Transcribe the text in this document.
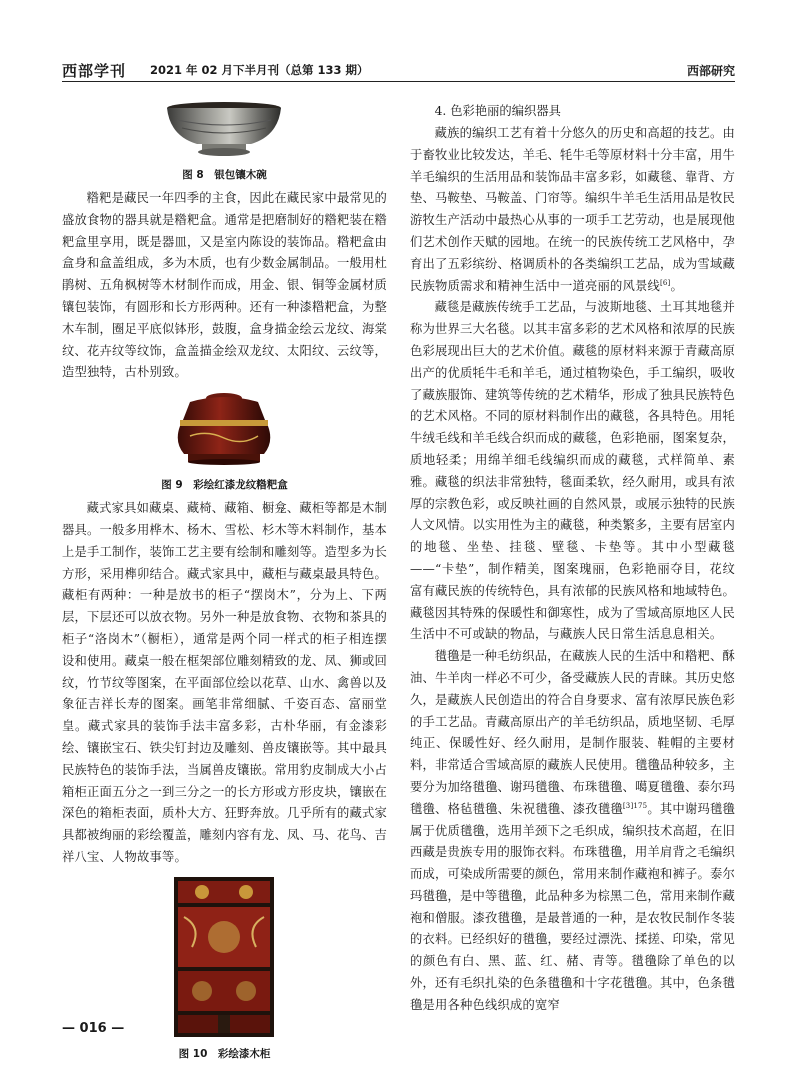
西部学刊 2021 年 02 月下半月刊（总第 133 期）	西部研究
图 8　银包镶木碗

糌粑是藏民一年四季的主食，因此在藏民家中最常见的盛放食物的器具就是糌粑盒。通常是把磨制好的糌粑装在糌粑盒里享用，既是器皿，又是室内陈设的装饰品。糌粑盒由盒身和盒盖组成，多为木质，也有少数金属制品。一般用杜鹃树、五角枫树等木材制作而成，用金、银、铜等金属材质镶包装饰，有圆形和长方形两种。还有一种漆糌粑盒，为整木车制，圈足平底似钵形，鼓腹，盒身描金绘云龙纹、海棠纹、花卉纹等纹饰，盒盖描金绘双龙纹、太阳纹、云纹等，造型独特，古朴别致。

图 9　彩绘红漆龙纹糌粑盒

藏式家具如藏桌、藏椅、藏箱、橱龛、藏柜等都是木制器具。一般多用桦木、杨木、雪松、杉木等木料制作，基本上是手工制作，装饰工艺主要有绘制和雕刻等。造型多为长方形，采用榫卯结合。藏式家具中，藏柜与藏桌最具特色。藏柜有两种：一种是放书的柜子“摆岗木”，分为上、下两层，下层还可以放衣物。另外一种是放食物、衣物和茶具的柜子“洛岗木”（橱柜），通常是两个同一样式的柜子相连摆设和使用。藏桌一般在框架部位雕刻精致的龙、凤、狮或回纹，竹节纹等图案，在平面部位绘以花草、山水、禽兽以及象征吉祥长寿的图案。画笔非常细腻、千姿百态、富丽堂皇。藏式家具的装饰手法丰富多彩，古朴华丽，有金漆彩绘、镶嵌宝石、铁尖钉封边及雕刻、兽皮镶嵌等。其中最具民族特色的装饰手法，当属兽皮镶嵌。常用豹皮制成大小占箱柜正面五分之一到三分之一的长方形或方形皮块，镶嵌在深色的箱柜表面，质朴大方、狂野奔放。几乎所有的藏式家具都被绚丽的彩绘覆盖，雕刻内容有龙、凤、马、花鸟、吉祥八宝、人物故事等。

图 10　彩绘漆木柜
4. 色彩艳丽的编织器具

藏族的编织工艺有着十分悠久的历史和高超的技艺。由于畜牧业比较发达，羊毛、牦牛毛等原材料十分丰富，用牛羊毛编织的生活用品和装饰品丰富多彩，如藏毯、靠背、方垫、马鞍垫、马鞍盖、门帘等。编织牛羊毛生活用品是牧民游牧生产活动中最热心从事的一项手工艺劳动，也是展现他们艺术创作天赋的园地。在统一的民族传统工艺风格中，孕育出了五彩缤纷、格调质朴的各类编织工艺品，成为雪域藏民族物质需求和精神生活中一道亮丽的风景线[6]。

藏毯是藏族传统手工艺品，与波斯地毯、土耳其地毯并称为世界三大名毯。以其丰富多彩的艺术风格和浓厚的民族色彩展现出巨大的艺术价值。藏毯的原材料来源于青藏高原出产的优质牦牛毛和羊毛，通过植物染色，手工编织，吸收了藏族服饰、建筑等传统的艺术精华，形成了独具民族特色的艺术风格。不同的原材料制作出的藏毯，各具特色。用牦牛绒毛线和羊毛线合织而成的藏毯，色彩艳丽，图案复杂，质地轻柔；用绵羊细毛线编织而成的藏毯，式样简单、素雅。藏毯的织法非常独特，毯面柔软，经久耐用，或具有浓厚的宗教色彩，或反映社画的自然风景，或展示独特的民族人文风情。以实用性为主的藏毯，种类繁多，主要有居室内的地毯、坐垫、挂毯、壁毯、卡垫等。其中小型藏毯——“卡垫”，制作精美，图案瑰丽，色彩艳丽夺目，花纹富有藏民族的传统特色，具有浓郁的民族风格和地域特色。藏毯因其特殊的保暖性和御寒性，成为了雪域高原地区人民生活中不可或缺的物品，与藏族人民日常生活息息相关。

氆氇是一种毛纺织品，在藏族人民的生活中和糌粑、酥油、牛羊肉一样必不可少，备受藏族人民的青睐。其历史悠久，是藏族人民创造出的符合自身要求、富有浓厚民族色彩的手工艺品。青藏高原出产的羊毛纺织品，质地坚韧、毛厚纯正、保暖性好、经久耐用，是制作服装、鞋帽的主要材料，非常适合雪域高原的藏族人民使用。氆氇品种较多，主要分为加络氆氇、谢玛氆氇、布珠氆氇、噶夏氆氇、泰尔玛氆氇、格毡氆氇、朱祝氆氇、漆孜氆氇$^{[3]175}$。其中谢玛氆氇属于优质氆氇，选用羊颈下之毛织成，编织技术高超，在旧西藏是贵族专用的服饰衣料。布珠氆氇，用羊肩背之毛编织而成，可染成所需要的颜色，常用来制作藏袍和裤子。泰尔玛氆氇，是中等氆氇，此品种多为棕黑二色，常用来制作藏袍和僧服。漆孜氆氇，是最普通的一种，是农牧民制作冬装的衣料。已经织好的氆氇，要经过漂洗、揉搓、印染，常见的颜色有白、黑、蓝、红、赭、青等。氆氇除了单色的以外，还有毛织扎染的色条氆氇和十字花氆氇。其中，色条氆氇是用各种色线织成的宽窄

— 016 —
